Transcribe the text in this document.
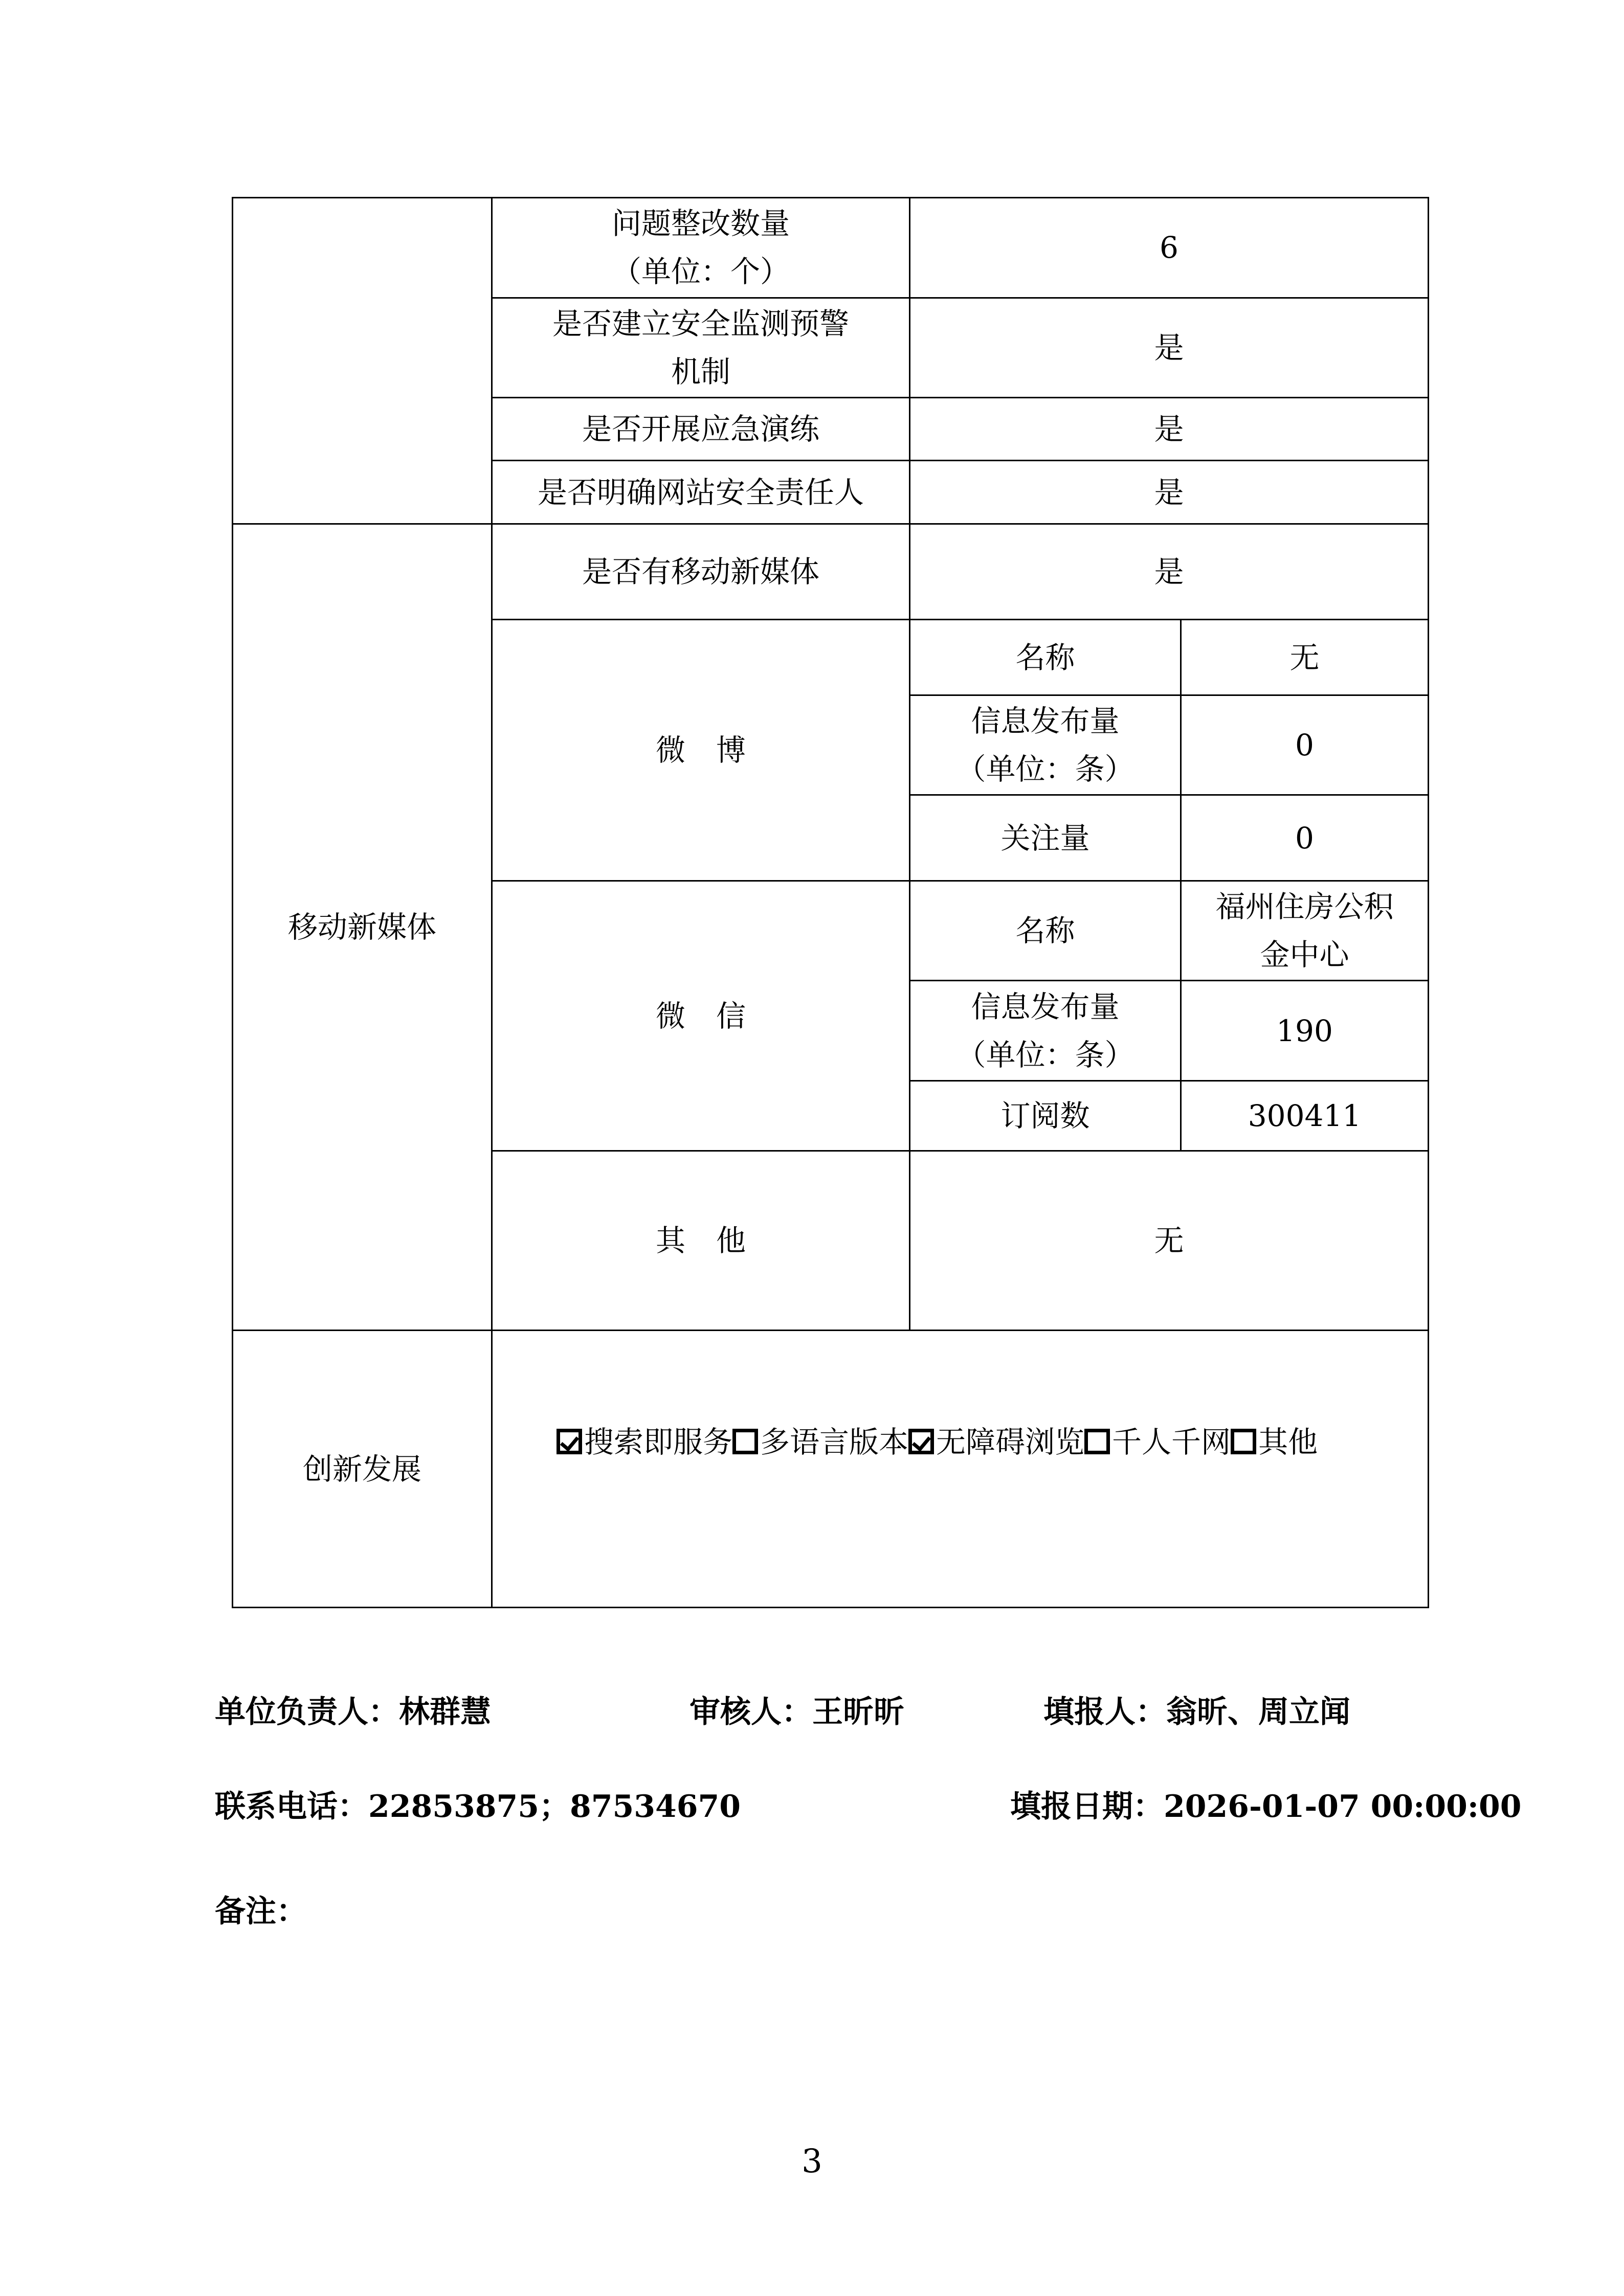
	问题整改数量
（单位：个）	6	

	是否建立安全监测预警
机制	是	
	是否开展应急演练	是	
	是否明确网站安全责任人	是	
移动新媒体	是否有移动新媒体	是	
	微博	名称	无

		信息发布量
（单位：条）	0
		关注量	0
	微信	名称	福州住房公积
金中心

		信息发布量
（单位：条）	190
		订阅数	300411
	其他	无	
创新发展	搜索即服务 多语言版本 无障碍浏览 千人千网 其他		
单位负责人：林群慧	审核人：王昕昕	填报人：翁昕、周立闻
联系电话：22853875；87534670	填报日期：2026-01-07 00:00:00
备注：
3
